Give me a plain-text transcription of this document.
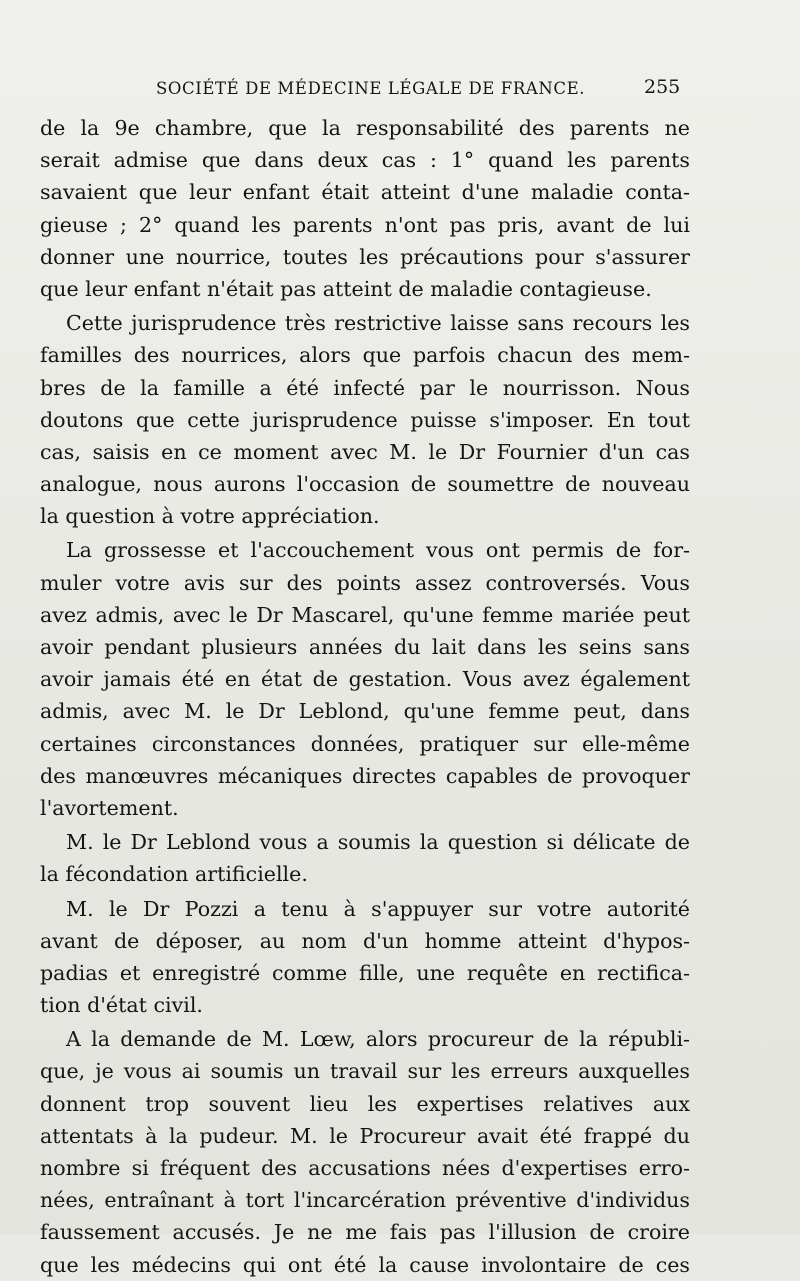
SOCIÉTÉ DE MÉDECINE LÉGALE DE FRANCE.	255
de la 9e chambre, que la responsabilité des parents ne
serait admise que dans deux cas : 1° quand les parents
savaient que leur enfant était atteint d'une maladie conta-
gieuse ; 2° quand les parents n'ont pas pris, avant de lui
donner une nourrice, toutes les précautions pour s'assurer
que leur enfant n'était pas atteint de maladie contagieuse.
Cette jurisprudence très restrictive laisse sans recours les
familles des nourrices, alors que parfois chacun des mem-
bres de la famille a été infecté par le nourrisson. Nous
doutons que cette jurisprudence puisse s'imposer. En tout
cas, saisis en ce moment avec M. le Dr Fournier d'un cas
analogue, nous aurons l'occasion de soumettre de nouveau
la question à votre appréciation.
La grossesse et l'accouchement vous ont permis de for-
muler votre avis sur des points assez controversés. Vous
avez admis, avec le Dr Mascarel, qu'une femme mariée peut
avoir pendant plusieurs années du lait dans les seins sans
avoir jamais été en état de gestation. Vous avez également
admis, avec M. le Dr Leblond, qu'une femme peut, dans
certaines circonstances données, pratiquer sur elle-même
des manœuvres mécaniques directes capables de provoquer
l'avortement.
M. le Dr Leblond vous a soumis la question si délicate de
la fécondation artificielle.
M. le Dr Pozzi a tenu à s'appuyer sur votre autorité
avant de déposer, au nom d'un homme atteint d'hypos-
padias et enregistré comme fille, une requête en rectifica-
tion d'état civil.
A la demande de M. Lœw, alors procureur de la républi-
que, je vous ai soumis un travail sur les erreurs auxquelles
donnent trop souvent lieu les expertises relatives aux
attentats à la pudeur. M. le Procureur avait été frappé du
nombre si fréquent des accusations nées d'expertises erro-
nées, entraînant à tort l'incarcération préventive d'individus
faussement accusés. Je ne me fais pas l'illusion de croire
que les médecins qui ont été la cause involontaire de ces
